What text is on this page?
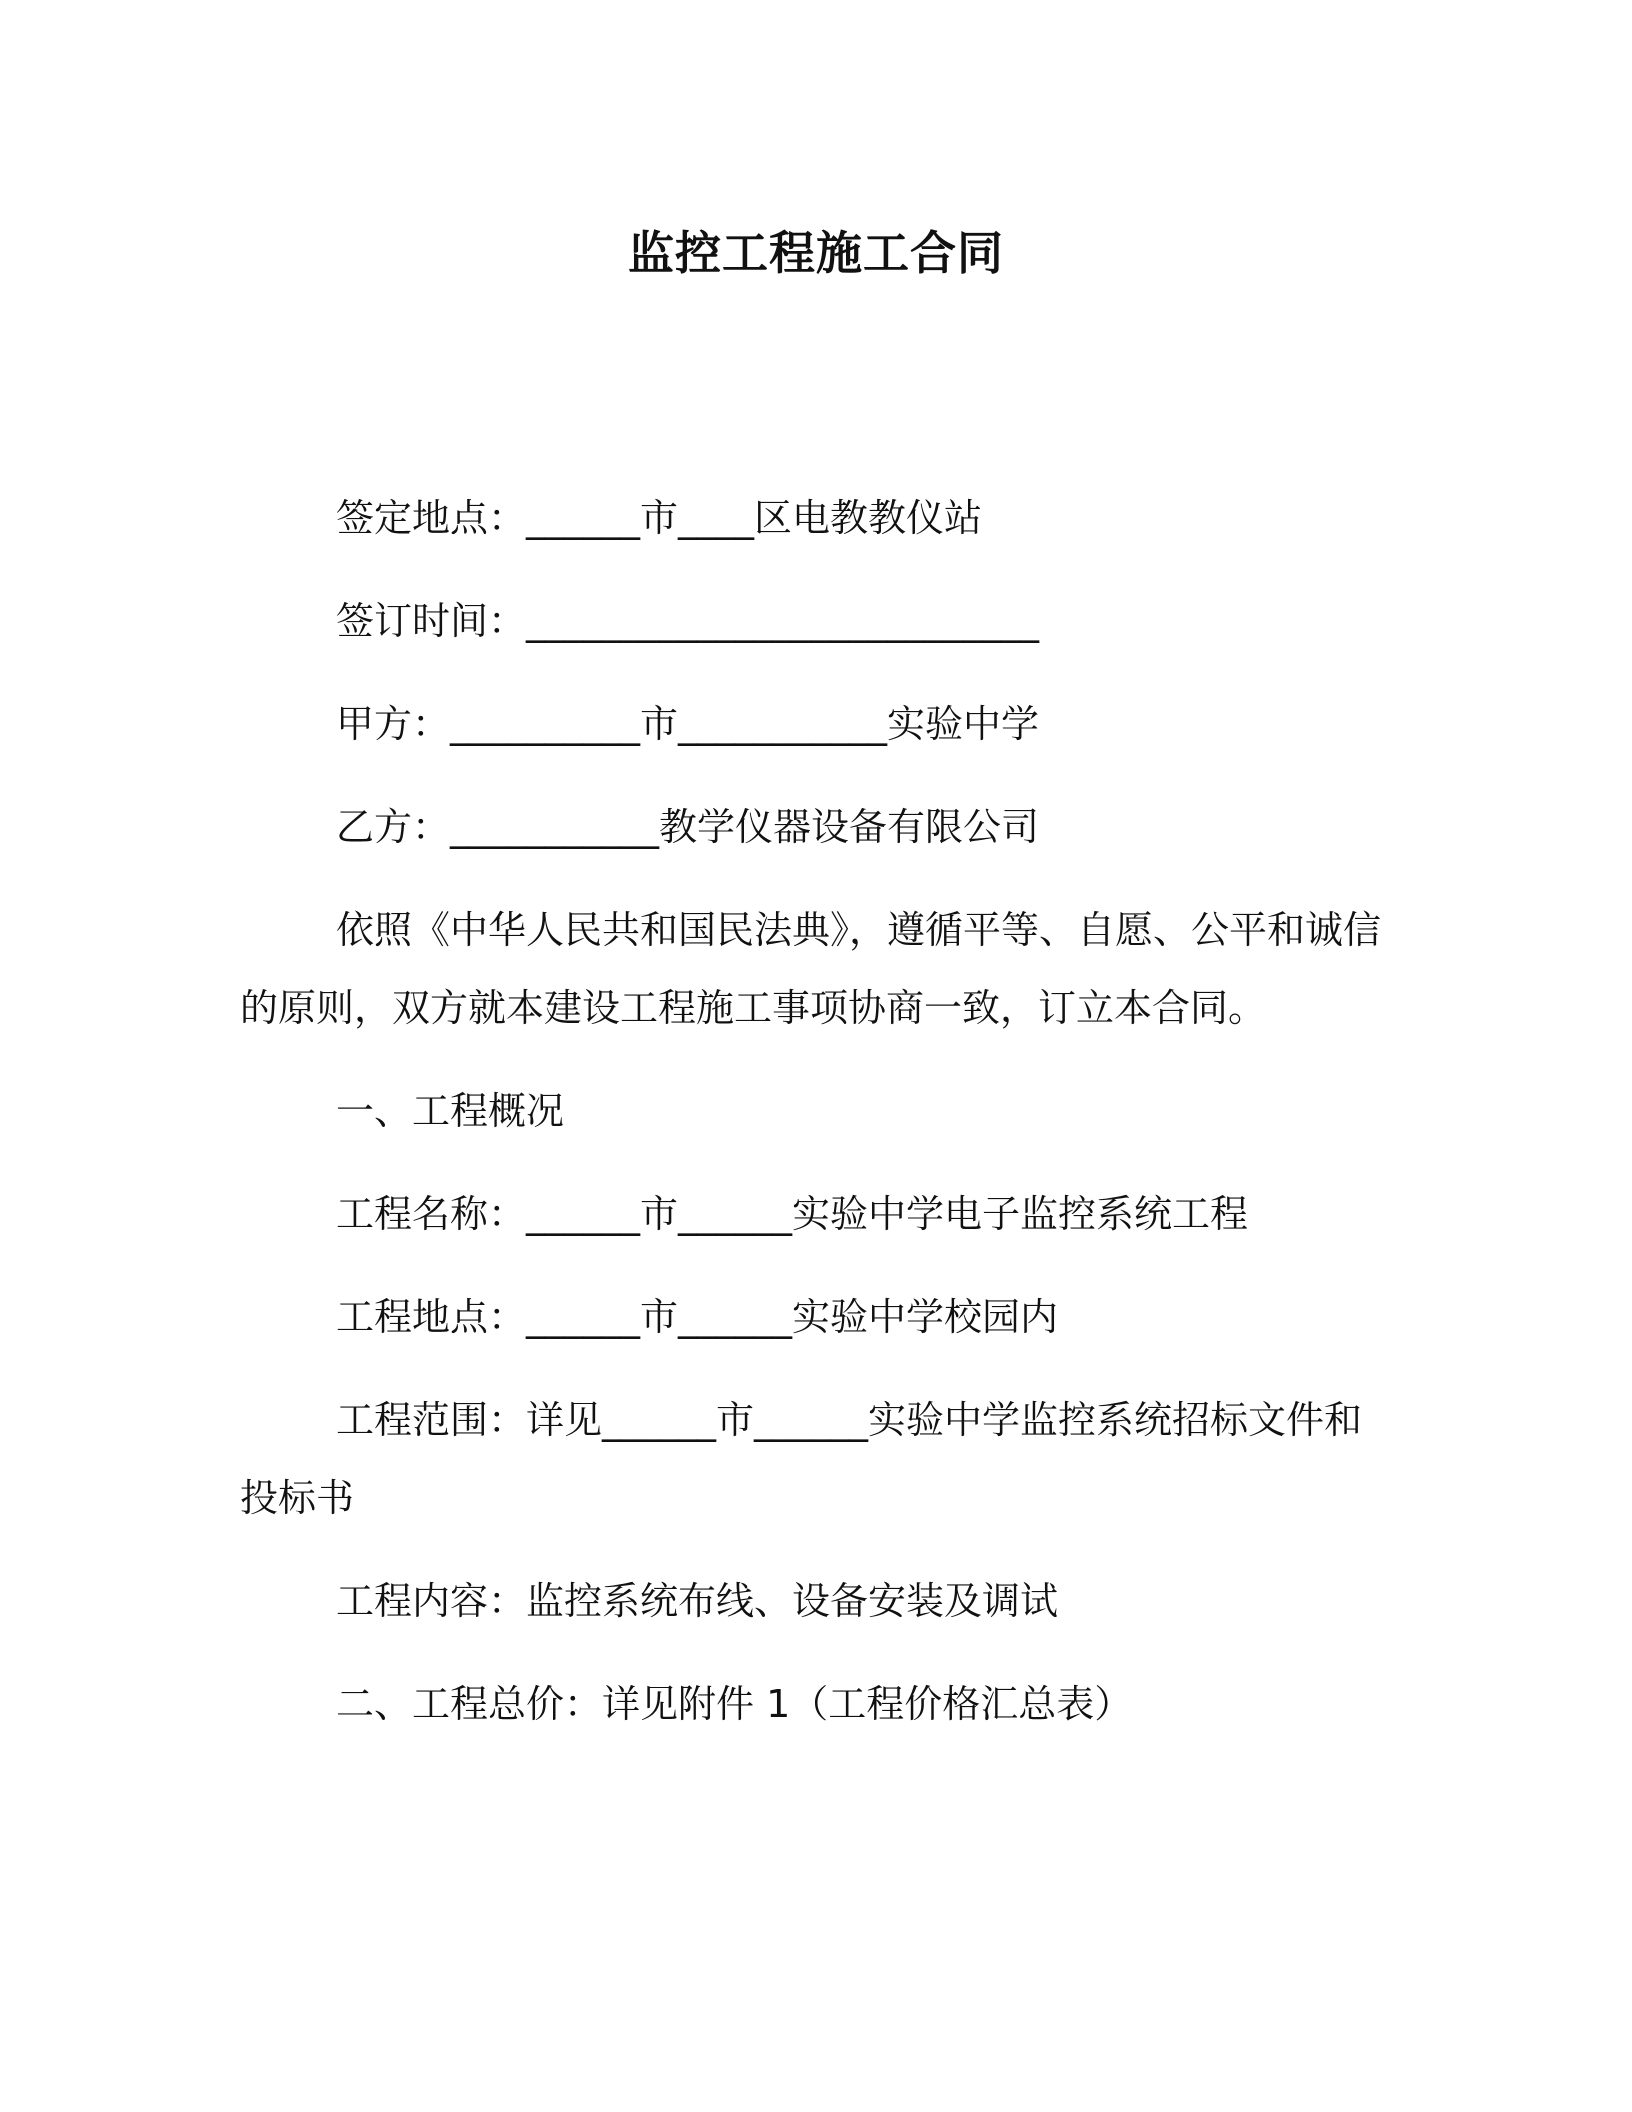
监控工程施工合同
签定地点：______市____区电教教仪站
签订时间：___________________________
甲方：__________市___________实验中学
乙方：___________教学仪器设备有限公司
依照《中华人民共和国民法典》，遵循平等、自愿、公平和诚信
的原则，双方就本建设工程施工事项协商一致，订立本合同。
一、工程概况
工程名称：______市______实验中学电子监控系统工程
工程地点：______市______实验中学校园内
工程范围：详见______市______实验中学监控系统招标文件和
投标书
工程内容：监控系统布线、设备安装及调试
二、工程总价：详见附件 1（工程价格汇总表）
